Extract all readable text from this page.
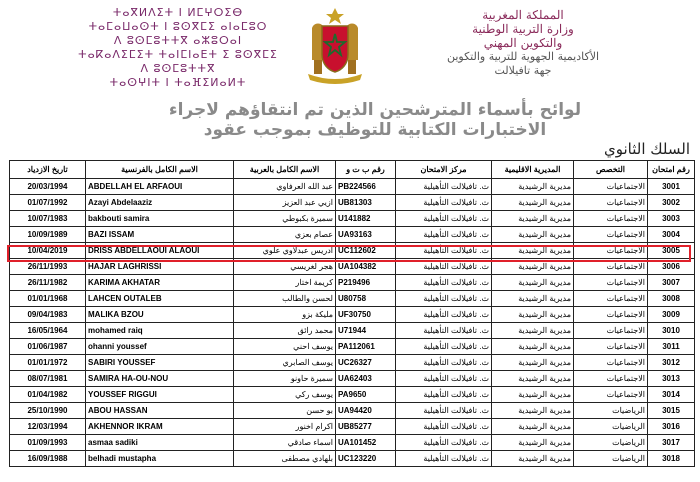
ⵜⴰⴳⵍⴷⵉⵜ ⵏ ⵍⵎⵖⵔⵉⴱ
ⵜⴰⵎⴰⵡⴰⵙⵜ ⵏ ⵓⵙⴳⵎⵉ ⴰⵏⴰⵎⵓⵔ
ⴷ ⵓⵙⵎⵓⵜⵜⴳ ⴰⵣⵓⵔⴰⵏ
ⵜⴰⴽⴰⴷⵉⵎⵉⵜ ⵜⴰⵏⵎⵏⴰⴹⵜ ⵉ ⵓⵙⴳⵎⵉ
ⴷ ⵓⵙⵎⵓⵜⵜⴳ
ⵜⴰⵙⵖⵏⵜ ⵏ ⵜⴰⴼⵉⵍⴰⵍⵜ
المملكة المغربية
وزارة التربية الوطنية
والتكوين المهني
الأكاديمية الجهوية للتربية والتكوين
جهة تافيلالت
لوائح بأسماء المترشحين الذين تم انتقاؤهم لاجراء
الاختبارات الكتابية للتوظيف بموجب عقود
السلك الثانوي
تاريخ الازدياد	الاسم الكامل بالفرنسية	الاسم الكامل بالعربية	رقم ب ت و	مركز الامتحان	المديرية الاقليمية	التخصص	رقم امتحان
20/03/1994	ABDELLAH EL ARFAOUI	عبد الله العرفاوي	PB224566	ث. تافيلالت التأهيلية	مديرية الرشيدية	الاجتماعيات	3001
01/07/1992	Azayi Abdelaaziz	ازيي عبد العزيز	UB81303	ث. تافيلالت التأهيلية	مديرية الرشيدية	الاجتماعيات	3002
10/07/1983	bakbouti samira	سميرة بكبوطي	U141882	ث. تافيلالت التأهيلية	مديرية الرشيدية	الاجتماعيات	3003
10/09/1989	BAZI ISSAM	عصام بعزي	UA93163	ث. تافيلالت التأهيلية	مديرية الرشيدية	الاجتماعيات	3004
10/04/2019	DRISS ABDELLAOUI ALAOUI	ادريس عبدلاوي علوي	UC112602	ث. تافيلالت التأهيلية	مديرية الرشيدية	الاجتماعيات	3005
26/11/1993	HAJAR LAGHRISSI	هجر لغريسي	UA104382	ث. تافيلالت التأهيلية	مديرية الرشيدية	الاجتماعيات	3006
26/11/1982	KARIMA AKHATAR	كريمة اختار	P219496	ث. تافيلالت التأهيلية	مديرية الرشيدية	الاجتماعيات	3007
01/01/1968	LAHCEN OUTALEB	لحسن والطالب	U80758	ث. تافيلالت التأهيلية	مديرية الرشيدية	الاجتماعيات	3008
09/04/1983	MALIKA BZOU	مليكة بزو	UF30750	ث. تافيلالت التأهيلية	مديرية الرشيدية	الاجتماعيات	3009
16/05/1964	mohamed raiq	محمد رائق	U71944	ث. تافيلالت التأهيلية	مديرية الرشيدية	الاجتماعيات	3010
01/06/1987	ohanni youssef	يوسف احني	PA112061	ث. تافيلالت التأهيلية	مديرية الرشيدية	الاجتماعيات	3011
01/01/1972	SABIRI YOUSSEF	يوسف الصابري	UC26327	ث. تافيلالت التأهيلية	مديرية الرشيدية	الاجتماعيات	3012
08/07/1981	SAMIRA HA-OU-NOU	سميرة حاونو	UA62403	ث. تافيلالت التأهيلية	مديرية الرشيدية	الاجتماعيات	3013
01/04/1982	YOUSSEF RIGGUI	يوسف ركي	PA9650	ث. تافيلالت التأهيلية	مديرية الرشيدية	الاجتماعيات	3014
25/10/1990	ABOU HASSAN	بو حسن	UA94420	ث. تافيلالت التأهيلية	مديرية الرشيدية	الرياضيات	3015
12/03/1994	AKHENNOR IKRAM	اكرام اخنور	UB85277	ث. تافيلالت التأهيلية	مديرية الرشيدية	الرياضيات	3016
01/09/1993	asmaa sadiki	اسماء صادقي	UA101452	ث. تافيلالت التأهيلية	مديرية الرشيدية	الرياضيات	3017
16/09/1988	belhadi mustapha	بلهادي مصطفى	UC123220	ث. تافيلالت التأهيلية	مديرية الرشيدية	الرياضيات	3018
